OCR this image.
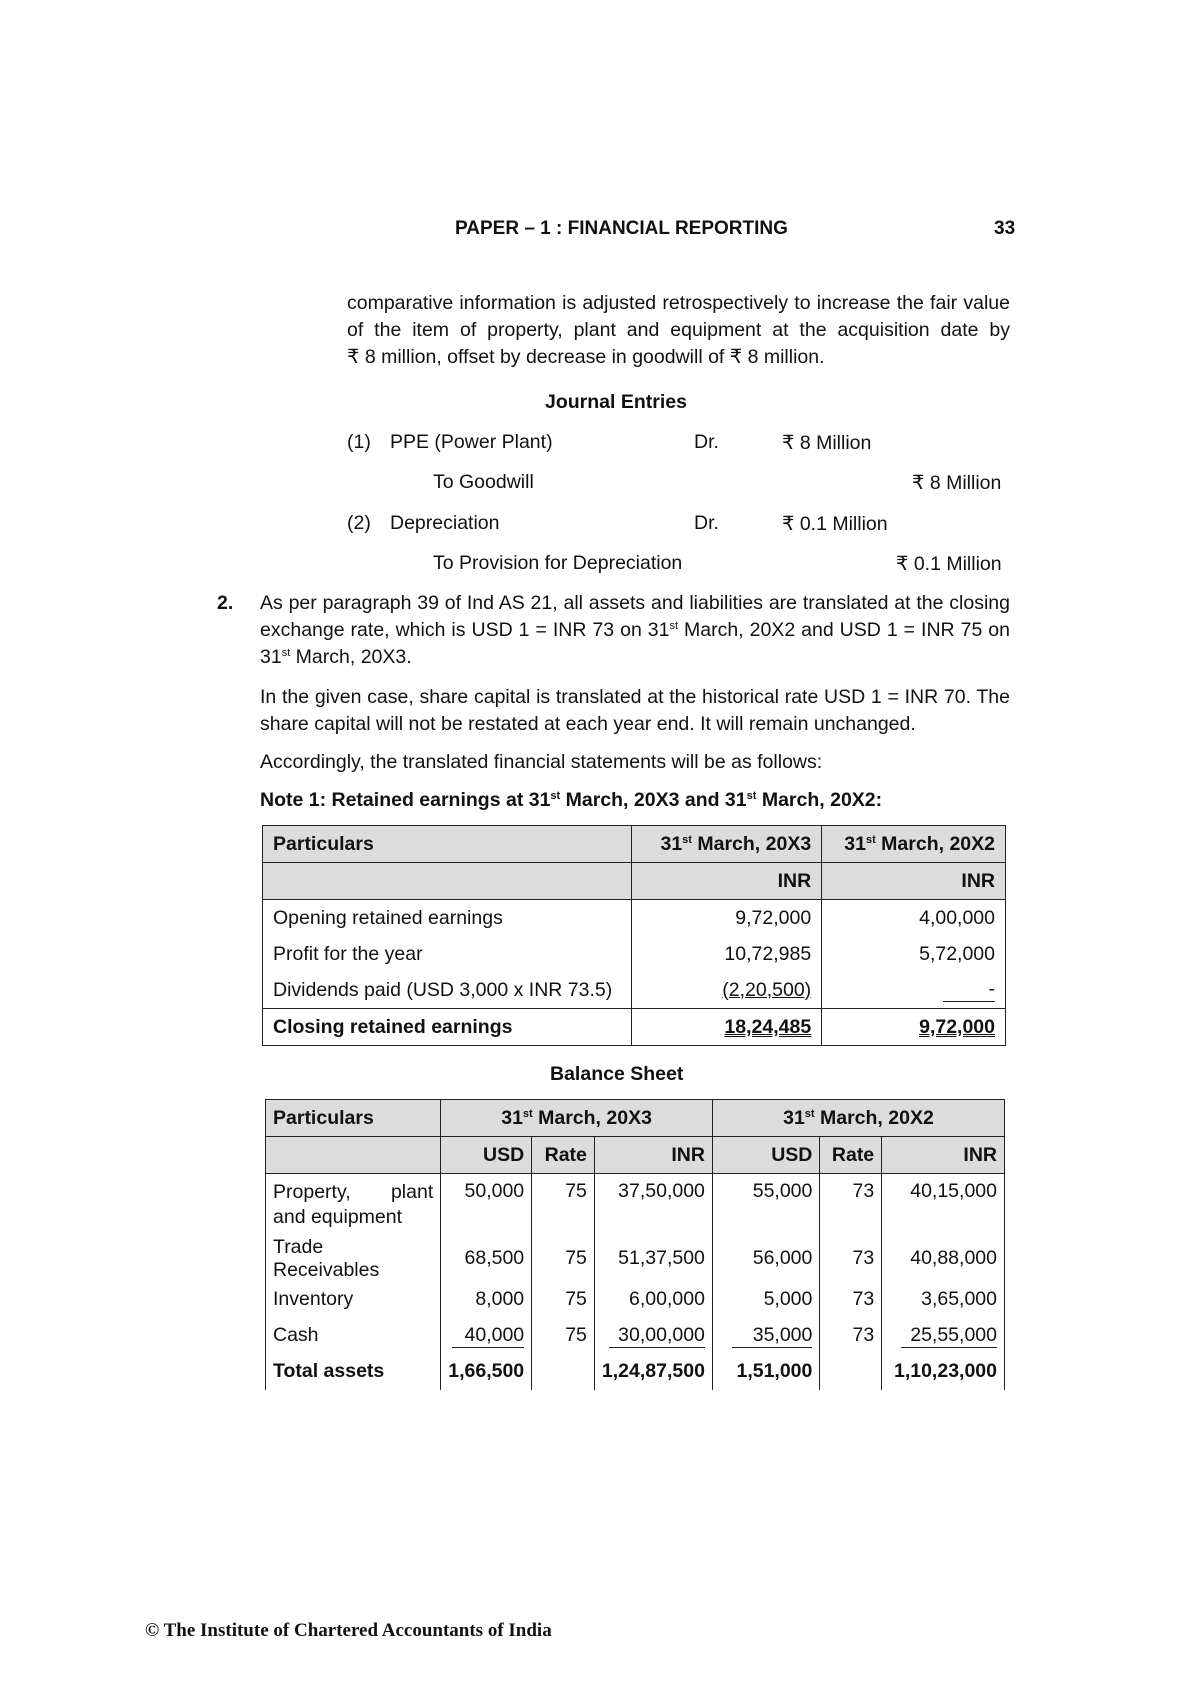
PAPER – 1 : FINANCIAL REPORTING	33
comparative information is adjusted retrospectively to increase the fair value
of the item of property, plant and equipment at the acquisition date by
₹ 8 million, offset by decrease in goodwill of ₹ 8 million.
Journal Entries
(1) PPE (Power Plant)	Dr.	₹ 8 Million
To Goodwill	₹ 8 Million
(2) Depreciation	Dr.	₹ 0.1 Million
To Provision for Depreciation	₹ 0.1 Million
2. As per paragraph 39 of Ind AS 21, all assets and liabilities are translated at the closing
exchange rate, which is USD 1 = INR 73 on 31st March, 20X2 and USD 1 = INR 75 on
31st March, 20X3.
In the given case, share capital is translated at the historical rate USD 1 = INR 70. The
share capital will not be restated at each year end. It will remain unchanged.
Accordingly, the translated financial statements will be as follows:
Note 1: Retained earnings at 31st March, 20X3 and 31st March, 20X2:
Particulars	31st March, 20X3	31st March, 20X2
	INR	INR
Opening retained earnings	9,72,000	4,00,000
Profit for the year	10,72,985	5,72,000
Dividends paid (USD 3,000 x INR 73.5)	(2,20,500)	-
Closing retained earnings	18,24,485	9,72,000
Balance Sheet
Particulars	31st March, 20X3			31st March, 20X2		
	USD	Rate	INR	USD	Rate	INR

Property, plant
and equipment	50,000	75	37,50,000	55,000	73	40,15,000
Trade Receivables	68,500	75	51,37,500	56,000	73	40,88,000
Inventory	8,000	75	6,00,000	5,000	73	3,65,000
Cash	40,000	75	30,00,000	35,000	73	25,55,000
Total assets	1,66,500		1,24,87,500	1,51,000		1,10,23,000
© The Institute of Chartered Accountants of India
